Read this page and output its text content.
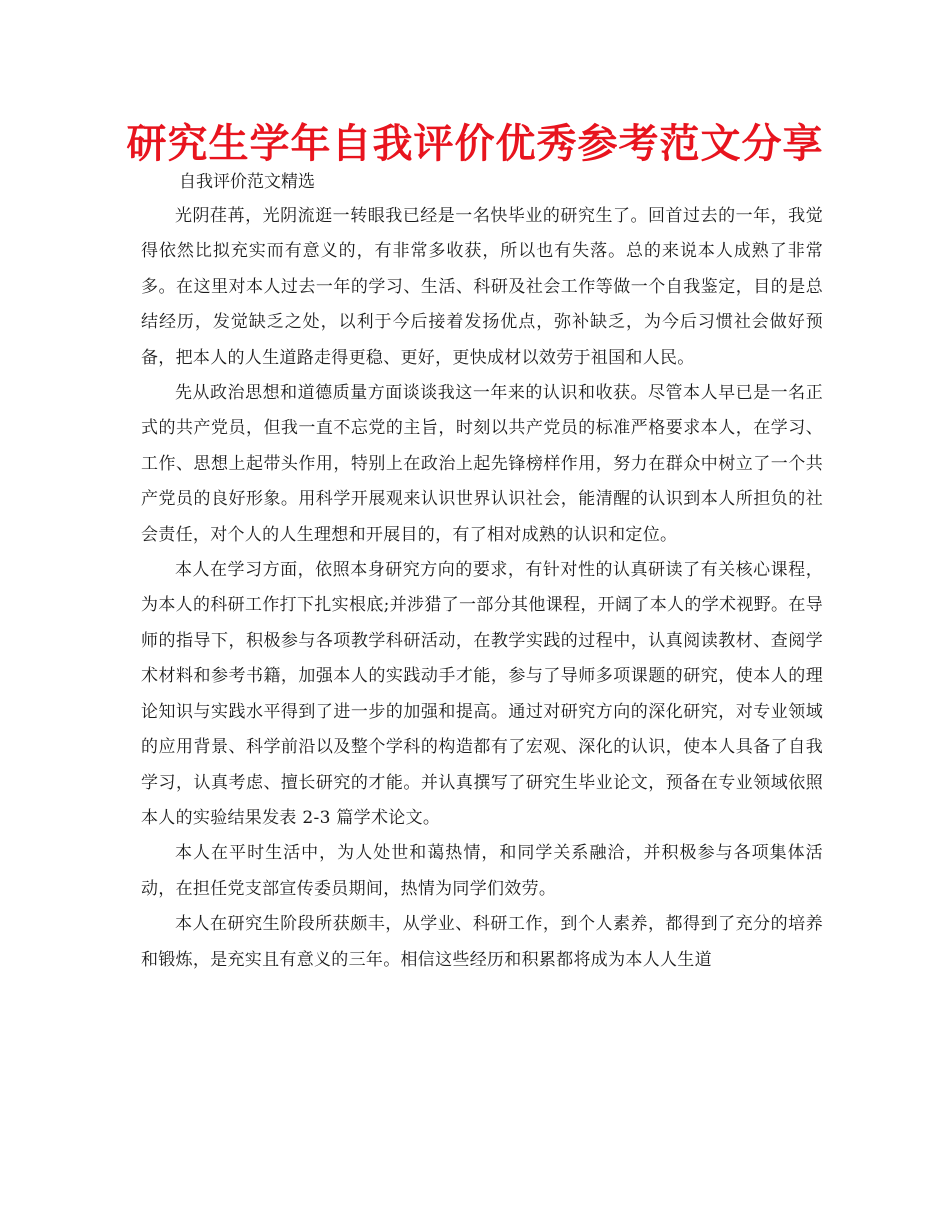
研究生学年自我评价优秀参考范文分享

自我评价范文精选

光阴荏苒，光阴流逛一转眼我已经是一名快毕业的研究生了。回首过去的一年，我觉得依然比拟充实而有意义的，有非常多收获，所以也有失落。总的来说本人成熟了非常多。在这里对本人过去一年的学习、生活、科研及社会工作等做一个自我鉴定，目的是总结经历，发觉缺乏之处，以利于今后接着发扬优点，弥补缺乏，为今后习惯社会做好预备，把本人的人生道路走得更稳、更好，更快成材以效劳于祖国和人民。

先从政治思想和道德质量方面谈谈我这一年来的认识和收获。尽管本人早已是一名正式的共产党员，但我一直不忘党的主旨，时刻以共产党员的标准严格要求本人，在学习、工作、思想上起带头作用，特别上在政治上起先锋榜样作用，努力在群众中树立了一个共产党员的良好形象。用科学开展观来认识世界认识社会，能清醒的认识到本人所担负的社会责任，对个人的人生理想和开展目的，有了相对成熟的认识和定位。

本人在学习方面，依照本身研究方向的要求，有针对性的认真研读了有关核心课程，为本人的科研工作打下扎实根底;并涉猎了一部分其他课程，开阔了本人的学术视野。在导师的指导下，积极参与各项教学科研活动，在教学实践的过程中，认真阅读教材、查阅学术材料和参考书籍，加强本人的实践动手才能，参与了导师多项课题的研究，使本人的理论知识与实践水平得到了进一步的加强和提高。通过对研究方向的深化研究，对专业领域的应用背景、科学前沿以及整个学科的构造都有了宏观、深化的认识，使本人具备了自我学习，认真考虑、擅长研究的才能。并认真撰写了研究生毕业论文，预备在专业领域依照本人的实验结果发表 2-3 篇学术论文。

本人在平时生活中，为人处世和蔼热情，和同学关系融洽，并积极参与各项集体活动，在担任党支部宣传委员期间，热情为同学们效劳。

本人在研究生阶段所获颇丰，从学业、科研工作，到个人素养，都得到了充分的培养和锻炼，是充实且有意义的三年。相信这些经历和积累都将成为本人人生道
